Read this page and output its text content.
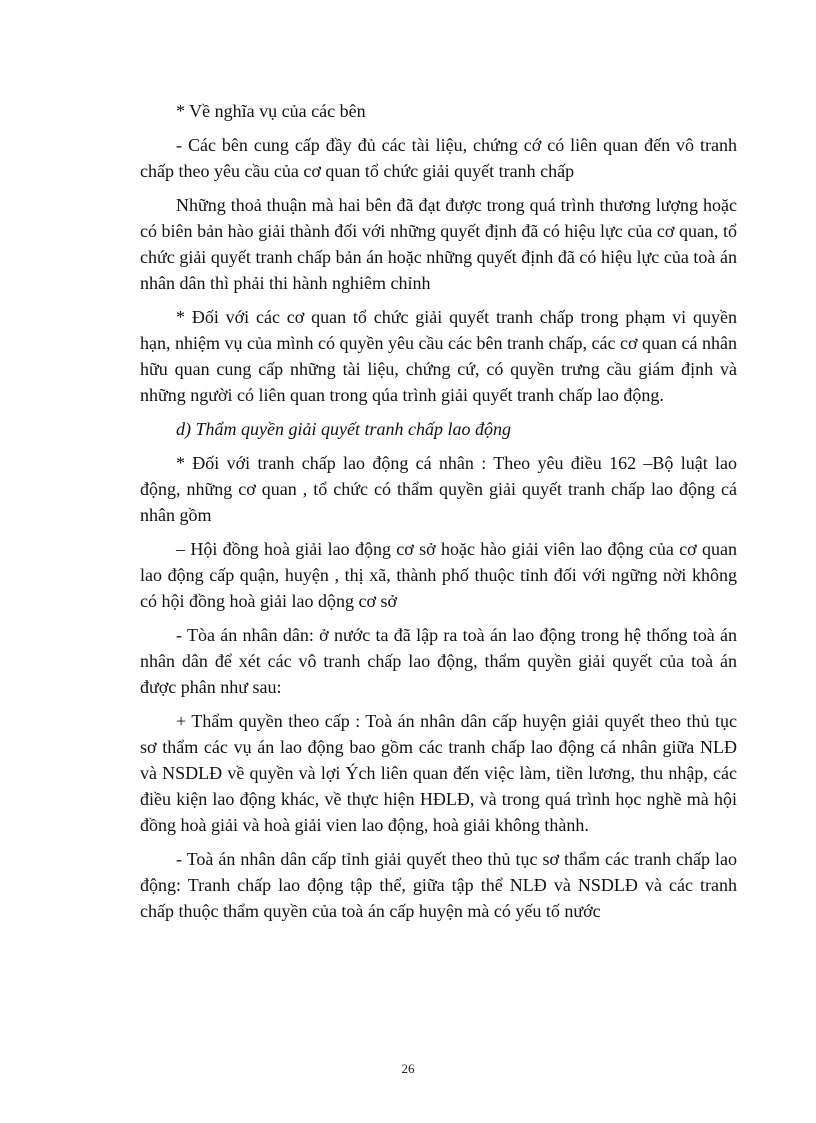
* Về nghĩa vụ của các bên

- Các bên cung cấp đầy đủ các tài liệu, chứng cớ có liên quan đến vô tranh chấp theo yêu cầu của cơ quan tổ chức giải quyết tranh chấp

Những thoả thuận mà hai bên đã đạt được trong quá trình thương lượng hoặc có biên bản hào giải thành đối với những quyết định đã có hiệu lực của cơ quan, tổ chức giải quyết tranh chấp bản án hoặc những quyết định đã có hiệu lực của toà án nhân dân thì phải thi hành nghiêm chỉnh

* Đối với các cơ quan tổ chức giải quyết tranh chấp trong phạm vi quyền hạn, nhiệm vụ của mình có quyền yêu cầu các bên tranh chấp, các cơ quan cá nhân hữu quan cung cấp những tài liệu, chứng cứ, có quyền trưng cầu giám định và những người có liên quan trong qúa trình giải quyết tranh chấp lao động.

d) Thẩm quyền giải quyết tranh chấp lao động

* Đối với tranh chấp lao động cá nhân : Theo yêu điều 162 –Bộ luật lao động, những cơ quan , tổ chức có thẩm quyền giải quyết tranh chấp lao động cá nhân gồm

– Hội đồng hoà giải lao động cơ sở hoặc hào giải viên lao động của cơ quan lao động cấp quận, huyện , thị xã, thành phố thuộc tỉnh đối với ngững nời không có hội đồng hoà giải lao dộng cơ sở

- Tòa án nhân dân: ở nước ta đã lập ra toà án lao động trong hệ thống toà án nhân dân để xét các vô tranh chấp lao động, thẩm quyền giải quyết của toà án được phân như sau:

+ Thẩm quyền theo cấp : Toà án nhân dân cấp huyện giải quyết theo thủ tục sơ thẩm các vụ án lao động bao gồm các tranh chấp lao động cá nhân giữa NLĐ và NSDLĐ về quyền và lợi Ých liên quan đến việc làm, tiền lương, thu nhập, các điều kiện lao động khác, về thực hiện HĐLĐ, và trong quá trình học nghề mà hội đồng hoà giải và hoà giải vien lao động, hoà giải không thành.

- Toà án nhân dân cấp tỉnh giải quyết theo thủ tục sơ thẩm các tranh chấp lao động: Tranh chấp lao động tập thể, giữa tập thể NLĐ và NSDLĐ và các tranh chấp thuộc thẩm quyền của toà án cấp huyện mà có yếu tố nước

26
